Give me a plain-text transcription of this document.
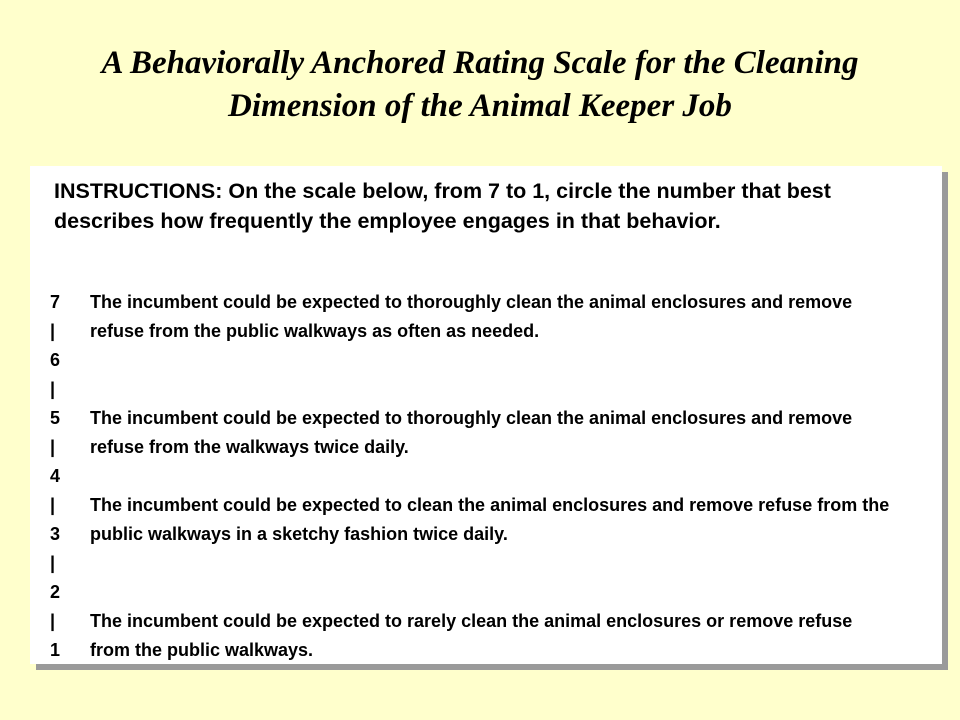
A Behaviorally Anchored Rating Scale for the Cleaning
Dimension of the Animal Keeper Job
INSTRUCTIONS: On the scale below, from 7 to 1, circle the number that best describes how frequently the employee engages in that behavior.
7
|
6
|
5
|
4
|
3
|
2
|
1
The incumbent could be expected to thoroughly clean the animal enclosures and remove refuse from the public walkways as often as needed.
The incumbent could be expected to thoroughly clean the animal enclosures and remove refuse from the walkways twice daily.
The incumbent could be expected to clean the animal enclosures and remove refuse from the public walkways in a sketchy fashion twice daily.
The incumbent could be expected to rarely clean the animal enclosures or remove refuse from the public walkways.
